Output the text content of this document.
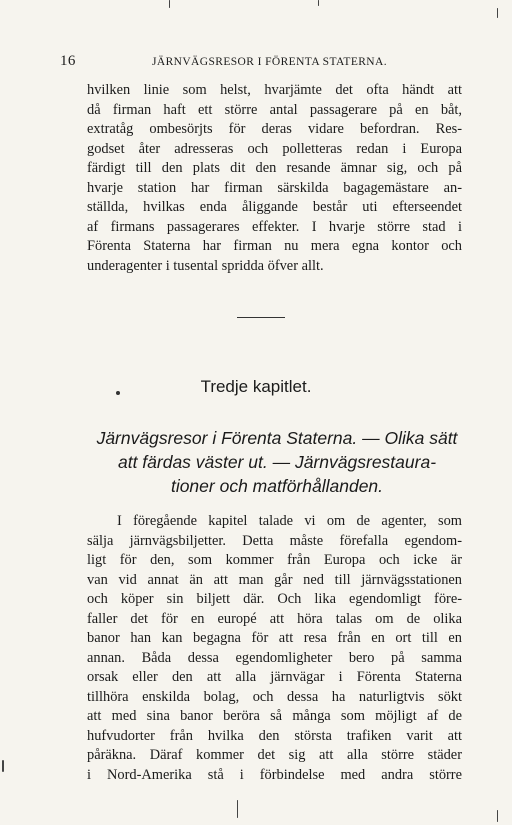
16	JÄRNVÄGSRESOR I FÖRENTA STATERNA.

hvilken linie som helst, hvarjämte det ofta händt att
då firman haft ett större antal passagerare på en båt,
extratåg ombesörjts för deras vidare befordran. Res-
godset åter adresseras och polletteras redan i Europa
färdigt till den plats dit den resande ämnar sig, och på
hvarje station har firman särskilda bagagemästare an-
ställda, hvilkas enda åliggande består uti efterseendet
af firmans passagerares effekter. I hvarje större stad i
Förenta Staterna har firman nu mera egna kontor och
underagenter i tusental spridda öfver allt.

Tredje kapitlet.
Järnvägsresor i Förenta Staterna. — Olika sätt
att färdas väster ut. — Järnvägsrestaura-
tioner och matförhållanden.

I föregående kapitel talade vi om de agenter, som
sälja järnvägsbiljetter. Detta måste förefalla egendom-
ligt för den, som kommer från Europa och icke är
van vid annat än att man går ned till järnvägsstationen
och köper sin biljett där. Och lika egendomligt före-
faller det för en europé att höra talas om de olika
banor han kan begagna för att resa från en ort till en
annan. Båda dessa egendomligheter bero på samma
orsak eller den att alla järnvägar i Förenta Staterna
tillhöra enskilda bolag, och dessa ha naturligtvis sökt
att med sina banor beröra så många som möjligt af de
hufvudorter från hvilka den största trafiken varit att
påräkna. Däraf kommer det sig att alla större städer
i Nord-Amerika stå i förbindelse med andra större
